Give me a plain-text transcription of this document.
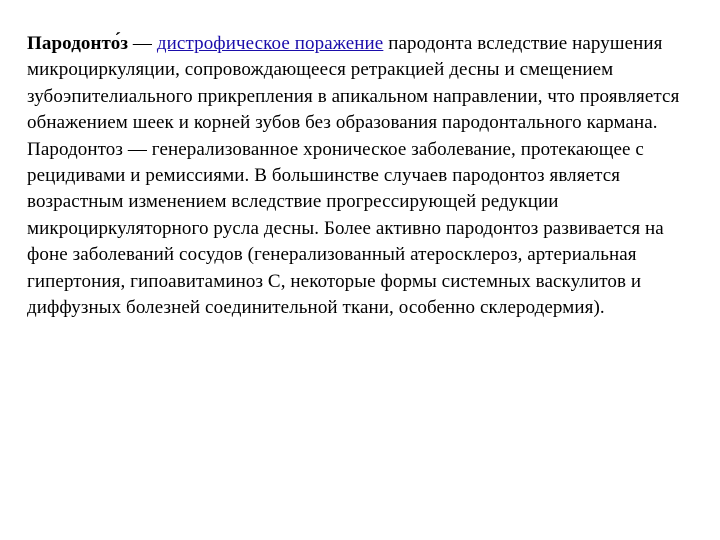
Пародонто́з — дистрофическое поражение пародонта вследствие нарушения микроциркуляции, сопровождающееся ретракцией десны и смещением зубоэпителиального прикрепления в апикальном направлении, что проявляется обнажением шеек и корней зубов без образования пародонтального кармана.

Пародонтоз — генерализованное хроническое заболевание, протекающее с рецидивами и ремиссиями. В большинстве случаев пародонтоз является возрастным изменением вследствие прогрессирующей редукции микроциркуляторного русла десны. Более активно пародонтоз развивается на фоне заболеваний сосудов (генерализованный атеросклероз, артериальная гипертония, гипоавитаминоз С, некоторые формы системных васкулитов и диффузных болезней соединительной ткани, особенно склеродермия).
